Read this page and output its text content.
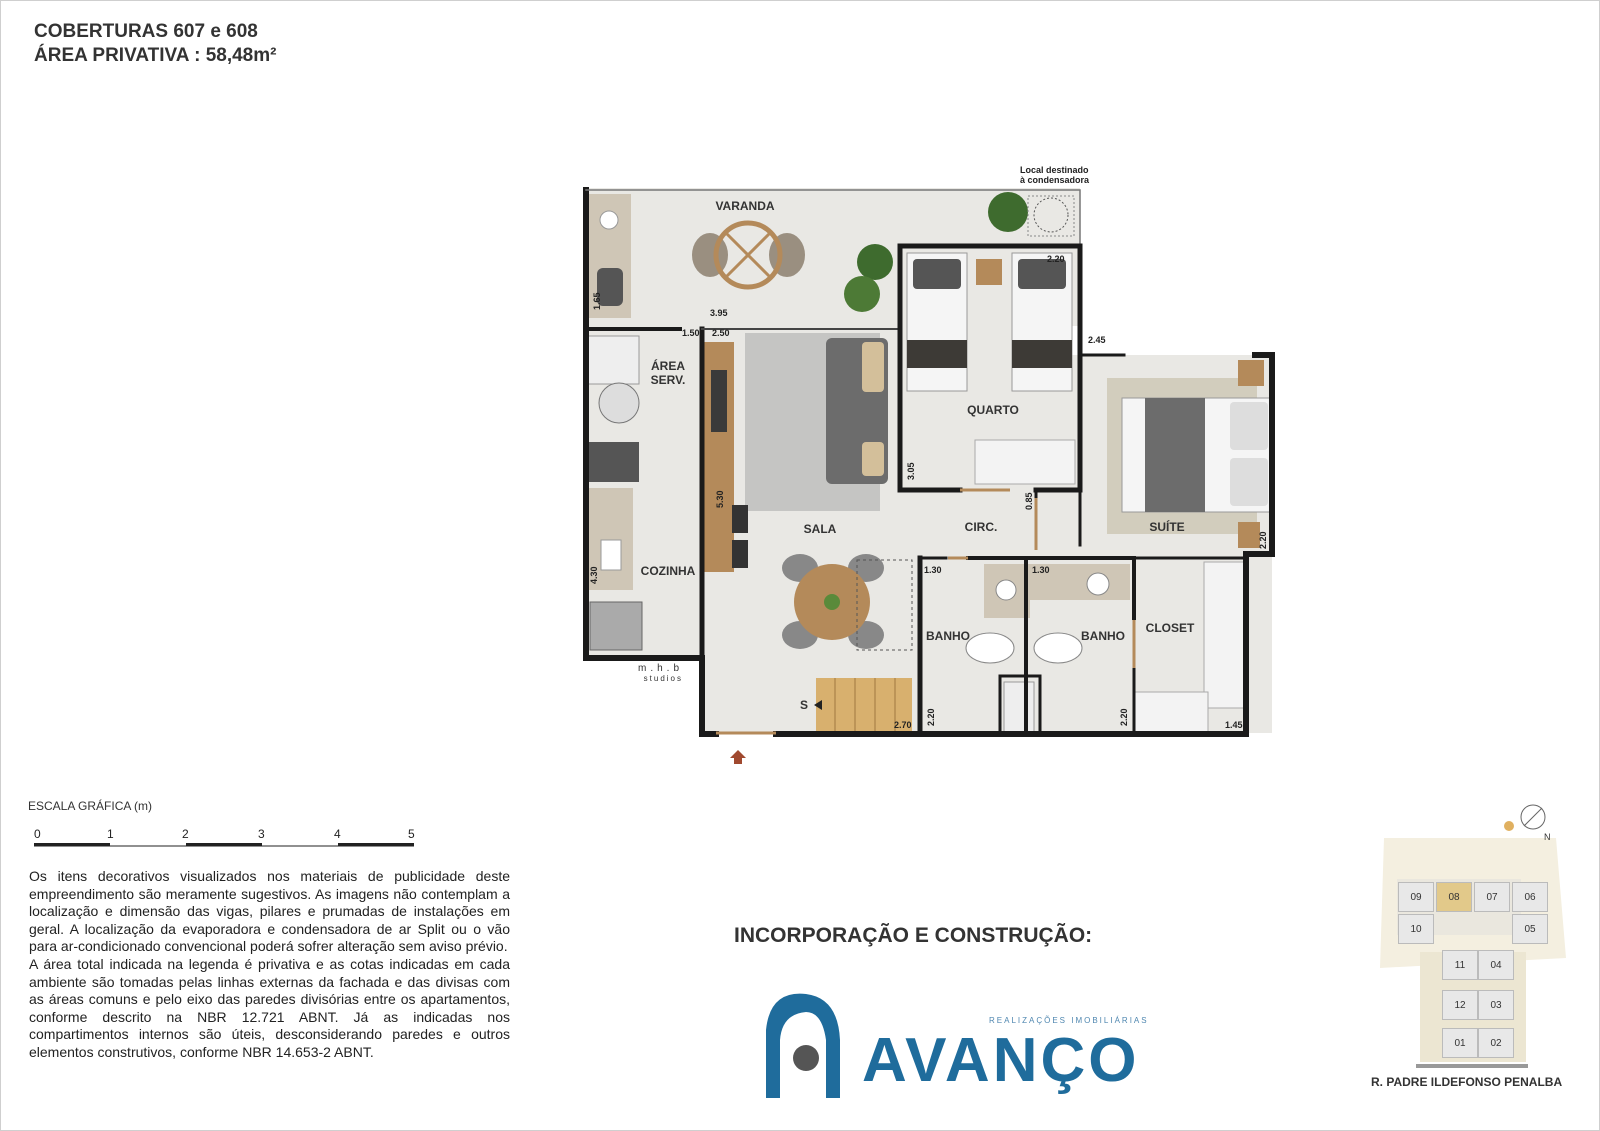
COBERTURAS 607 e 608
ÁREA PRIVATIVA : 58,48m²
VARANDA
ÁREA
SERV.
COZINHA
SALA
QUARTO
CIRC.	SUÍTE
BANHO	BANHO
CLOSET
S
Local destinado
à condensadora
3.95
1.50 2.50
1.65
5.30
4.30
3.05
2.20
2.45
0.85
2.20
1.30	1.30
2.20	2.20
2.70	1.45
0	1	2	3	4	5	N
m.h.b
studios
ESCALA GRÁFICA (m)

Os itens decorativos visualizados nos materiais de publicidade deste empreendimento são meramente sugestivos. As imagens não contemplam a localização e dimensão das vigas, pilares e prumadas de instalações em geral. A localização da evaporadora e condensadora de ar Split ou o vão para ar-condicionado convencional poderá sofrer alteração sem aviso prévio.

A área total indicada na legenda é privativa e as cotas indicadas em cada ambiente são tomadas pelas linhas externas da fachada e das divisas com as áreas comuns e pelo eixo das paredes divisórias entre os apartamentos, conforme descrito na NBR 12.721 ABNT. Já as indicadas nos compartimentos internos são úteis, desconsiderando paredes e outros elementos construtivos, conforme NBR 14.653-2 ABNT.

INCORPORAÇÃO E CONSTRUÇÃO:
REALIZAÇÕES IMOBILIÁRIAS
AVANÇO
09	08	07	06
10	05
11	04
12	03
01	02
R. PADRE ILDEFONSO PENALBA
